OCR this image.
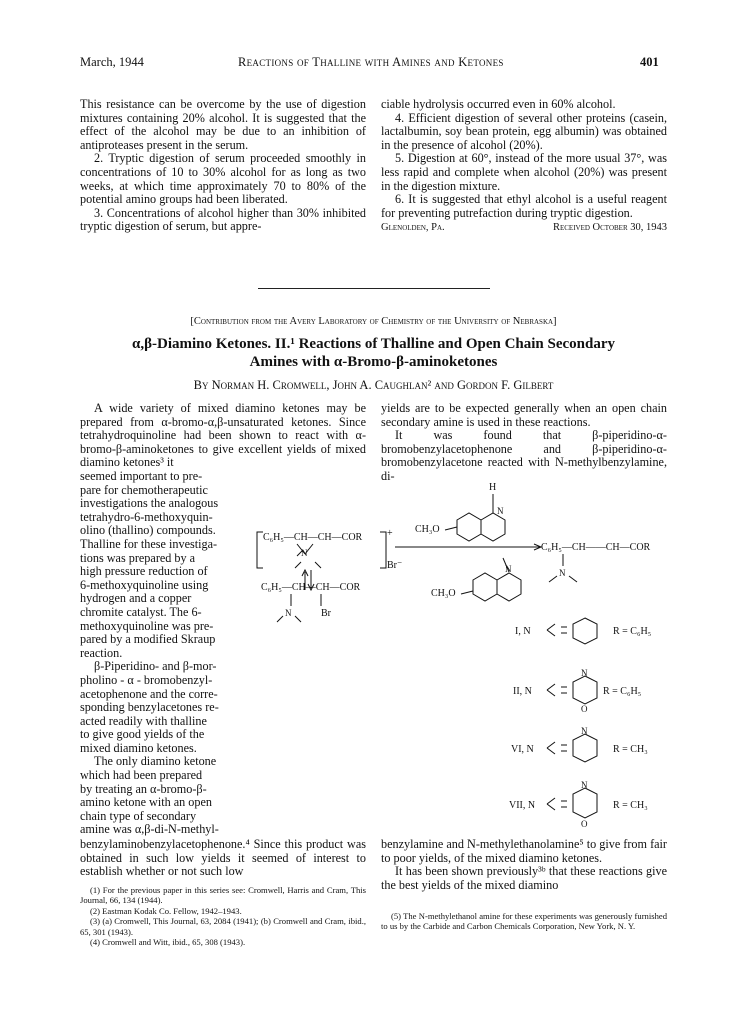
March, 1944	Reactions of Thalline with Amines and Ketones	401

This resistance can be overcome by the use of digestion mixtures containing 20% alcohol. It is suggested that the effect of the alcohol may be due to an inhibition of antiproteases present in the serum.

2. Tryptic digestion of serum proceeded smoothly in concentrations of 10 to 30% alcohol for as long as two weeks, at which time approximately 70 to 80% of the potential amino groups had been liberated.

3. Concentrations of alcohol higher than 30% inhibited tryptic digestion of serum, but appre-

ciable hydrolysis occurred even in 60% alcohol.

4. Efficient digestion of several other proteins (casein, lactalbumin, soy bean protein, egg albumin) was obtained in the presence of alcohol (20%).

5. Digestion at 60°, instead of the more usual 37°, was less rapid and complete when alcohol (20%) was present in the digestion mixture.

6. It is suggested that ethyl alcohol is a useful reagent for preventing putrefaction during tryptic digestion.

Glenolden, Pa.	Received October 30, 1943
[Contribution from the Avery Laboratory of Chemistry of the University of Nebraska]
α,β-Diamino Ketones. II.¹ Reactions of Thalline and Open Chain Secondary
Amines with α-Bromo-β-aminoketones
By Norman H. Cromwell, John A. Caughlan² and Gordon F. Gilbert

A wide variety of mixed diamino ketones may be prepared from α-bromo-α,β-unsaturated ketones. Since tetrahydroquinoline had been shown to react with α-bromo-β-aminoketones to give excellent yields of mixed diamino ketones³ it

seemed important to pre-
pare for chemotherapeutic
investigations the analogous
tetrahydro-6-methoxyquin-
olino (thallino) compounds.
Thalline for these investiga-
tions was prepared by a
high pressure reduction of
6-methoxyquinoline using
hydrogen and a copper
chromite catalyst. The 6-
methoxyquinoline was pre-
pared by a modified Skraup
reaction.
β-Piperidino- and β-mor-
pholino - α - bromobenzyl-
acetophenone and the corre-
sponding benzylacetones re-
acted readily with thalline
to give good yields of the
mixed diamino ketones.
The only diamino ketone
which had been prepared
by treating an α-bromo-β-
amino ketone with an open
chain type of secondary
amine was α,β-di-N-methyl-

yields are to be expected generally when an open chain secondary amine is used in these reactions.

It was found that β-piperidino-α-bromobenzylacetophenone and β-piperidino-α-bromobenzylacetone reacted with N-methylbenzylamine, di-

C₆H₅—CH—CH—COR +
Br⁻
N
C₆H₅—CH—CH—COR
Br
N
H
N
CH₃O
C₆H₅—CH——CH—COR
N	N
CH₃O
I, N	R = C₆H₅
II, N	R = C₆H₅
N
O
VI, N	R = CH₃
N
VII, N	R = CH₃
N
O

benzylaminobenzylacetophenone.⁴ Since this product was obtained in such low yields it seemed of interest to establish whether or not such low

benzylamine and N-methylethanolamine⁵ to give from fair to poor yields, of the mixed diamino ketones.

It has been shown previously³ᵇ that these reactions give the best yields of the mixed diamino

(1) For the previous paper in this series see: Cromwell, Harris and Cram, This Journal, 66, 134 (1944).

(2) Eastman Kodak Co. Fellow, 1942–1943.

(3) (a) Cromwell, This Journal, 63, 2084 (1941); (b) Cromwell and Cram, ibid., 65, 301 (1943).

(4) Cromwell and Witt, ibid., 65, 308 (1943).

(5) The N-methylethanol amine for these experiments was generously furnished to us by the Carbide and Carbon Chemicals Corporation, New York, N. Y.
